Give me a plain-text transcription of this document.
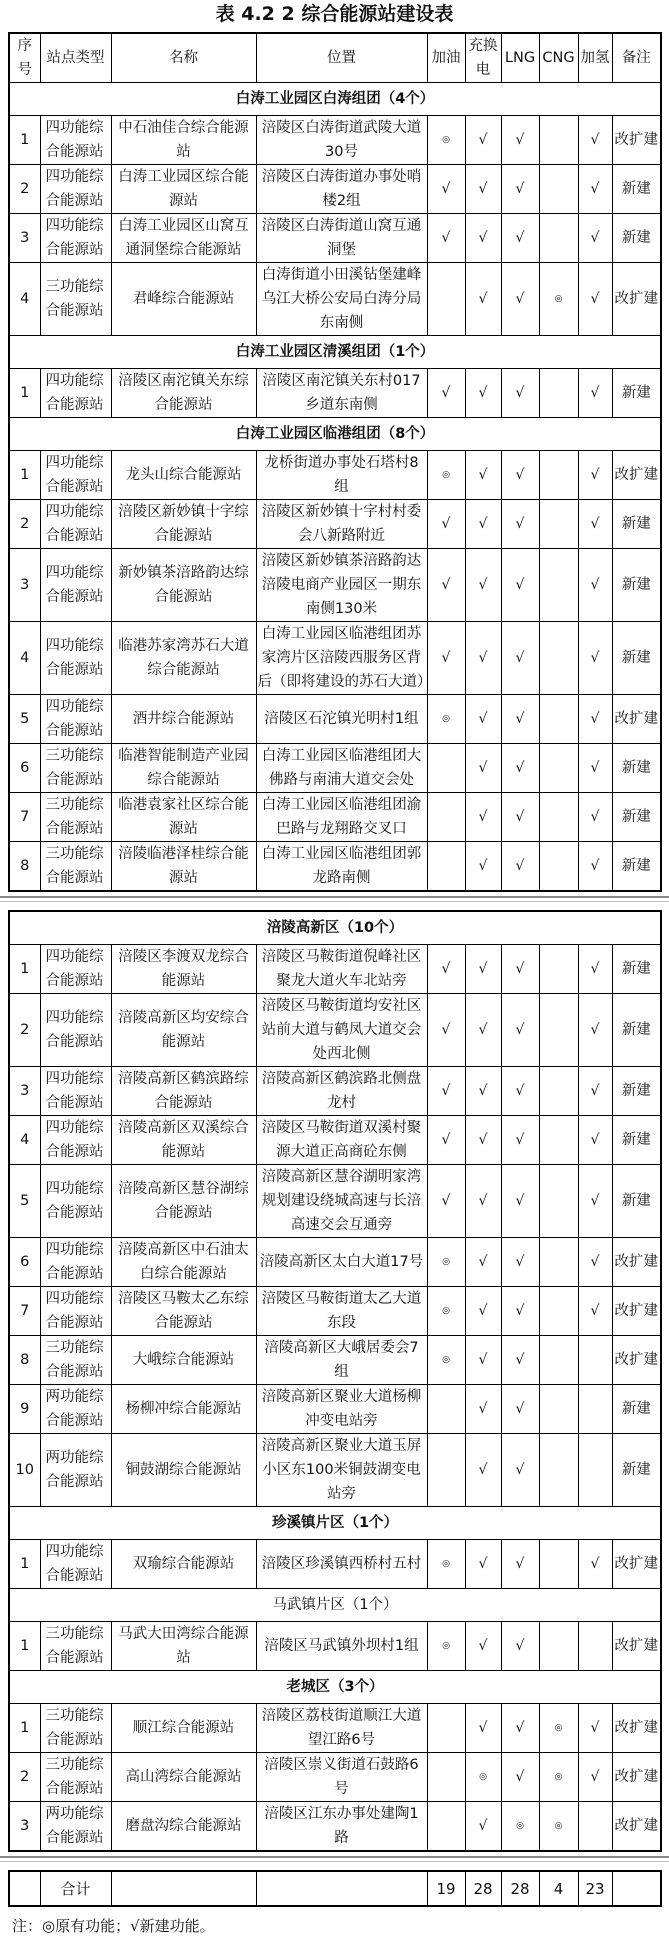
表 4.2 2 综合能源站建设表
序号	站点类型	名称	位置	加油	充换电	LNG	CNG	加氢	备注
白涛工业园区白涛组团（4个）									
1	四功能综合能源站	中石油佳合综合能源站	涪陵区白涛街道武陵大道30号	◎	√	√		√	改扩建
2	四功能综合能源站	白涛工业园区综合能源站	涪陵区白涛街道办事处哨楼2组	√	√	√		√	新建
3	四功能综合能源站	白涛工业园区山窝互通洞堡综合能源站	涪陵区白涛街道山窝互通洞堡	√	√	√		√	新建
4	三功能综合能源站	君峰综合能源站	白涛街道小田溪钻堡建峰乌江大桥公安局白涛分局东南侧		√	√	◎	√	改扩建
白涛工业园区清溪组团（1个）									
1	四功能综合能源站	涪陵区南沱镇关东综合能源站	涪陵区南沱镇关东村017乡道东南侧	√	√	√		√	新建
白涛工业园区临港组团（8个）									
1	四功能综合能源站	龙头山综合能源站	龙桥街道办事处石塔村8组	◎	√	√		√	改扩建
2	四功能综合能源站	涪陵区新妙镇十字综合能源站	涪陵区新妙镇十字村村委会八新路附近	√	√	√		√	新建
3	四功能综合能源站	新妙镇茶涪路韵达综合能源站	涪陵区新妙镇茶涪路韵达涪陵电商产业园区一期东南侧130米	√	√	√		√	新建
4	四功能综合能源站	临港苏家湾苏石大道综合能源站	白涛工业园区临港组团苏家湾片区涪陵西服务区背后（即将建设的苏石大道）	√	√	√		√	新建
5	四功能综合能源站	酒井综合能源站	涪陵区石沱镇光明村1组	◎	√	√		√	改扩建
6	三功能综合能源站	临港智能制造产业园综合能源站	白涛工业园区临港组团大佛路与南浦大道交会处		√	√		√	新建
7	三功能综合能源站	临港袁家社区综合能源站	白涛工业园区临港组团渝巴路与龙翔路交叉口		√	√		√	新建
8	三功能综合能源站	涪陵临港泽桂综合能源站	白涛工业园区临港组团郭龙路南侧		√	√		√	新建
涪陵高新区（10个）									
1	四功能综合能源站	涪陵区李渡双龙综合能源站	涪陵区马鞍街道倪峰社区聚龙大道火车北站旁	√	√	√		√	新建
2	四功能综合能源站	涪陵高新区均安综合能源站	涪陵区马鞍街道均安社区站前大道与鹤凤大道交会处西北侧	√	√	√		√	新建
3	四功能综合能源站	涪陵高新区鹤滨路综合能源站	涪陵高新区鹤滨路北侧盘龙村	√	√	√		√	新建
4	四功能综合能源站	涪陵高新区双溪综合能源站	涪陵区马鞍街道双溪村聚源大道正高商砼东侧	√	√	√		√	新建
5	四功能综合能源站	涪陵高新区慧谷湖综合能源站	涪陵高新区慧谷湖明家湾规划建设绕城高速与长涪高速交会互通旁	√	√	√		√	新建
6	四功能综合能源站	涪陵高新区中石油太白综合能源站	涪陵高新区太白大道17号	◎	√	√		√	改扩建
7	四功能综合能源站	涪陵区马鞍太乙东综合能源站	涪陵区马鞍街道太乙大道东段	◎	√	√		√	改扩建
8	三功能综合能源站	大峨综合能源站	涪陵高新区大峨居委会7组	◎	√	√			改扩建
9	两功能综合能源站	杨柳冲综合能源站	涪陵高新区聚业大道杨柳冲变电站旁		√	√			新建
10	两功能综合能源站	铜鼓湖综合能源站	涪陵高新区聚业大道玉屏小区东100米铜鼓湖变电站旁		√	√			新建
珍溪镇片区（1个）									
1	四功能综合能源站	双瑜综合能源站	涪陵区珍溪镇西桥村五村	◎	√	√		√	改扩建
马武镇片区（1个）									
1	三功能综合能源站	马武大田湾综合能源站	涪陵区马武镇外坝村1组	◎	√	√			改扩建
老城区（3个）									
1	三功能综合能源站	顺江综合能源站	涪陵区荔枝街道顺江大道望江路6号		√	√	◎	√	改扩建
2	三功能综合能源站	高山湾综合能源站	涪陵区崇义街道石鼓路6号		◎	√	◎	√	改扩建
3	两功能综合能源站	磨盘沟综合能源站	涪陵区江东办事处建陶1路		√	◎	◎		改扩建
	合计			19	28	28	4	23	
注：◎原有功能；√新建功能。
